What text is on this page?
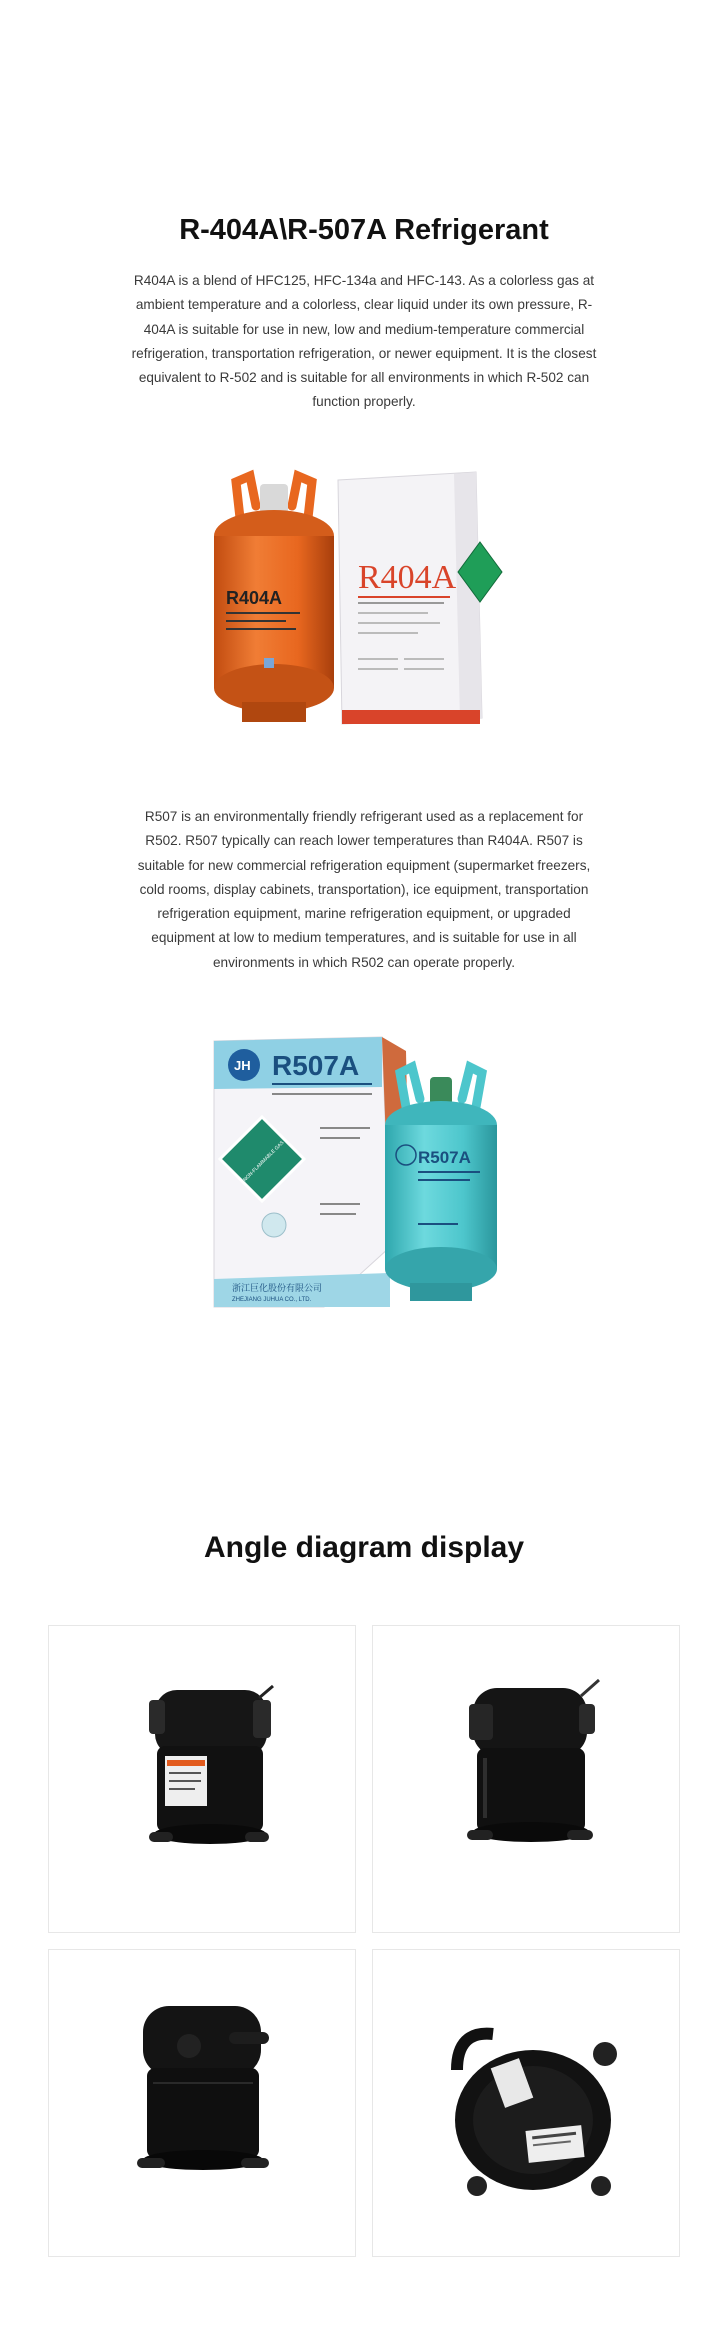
R-404A\R-507A Refrigerant

R404A is a blend of HFC125, HFC-134a and HFC-143. As a colorless gas at ambient temperature and a colorless, clear liquid under its own pressure, R-404A is suitable for use in new, low and medium-temperature commercial refrigeration, transportation refrigeration, or newer equipment. It is the closest equivalent to R-502 and is suitable for all environments in which R-502 can function properly.

R404A
R404A

R507 is an environmentally friendly refrigerant used as a replacement for R502. R507 typically can reach lower temperatures than R404A. R507 is suitable for new commercial refrigeration equipment (supermarket freezers, cold rooms, display cabinets, transportation), ice equipment, transportation refrigeration equipment, marine refrigeration equipment, or upgraded equipment at low to medium temperatures, and is suitable for use in all environments in which R502 can operate properly.

JH R507A
NON-FLAMMABLE GAS
浙江巨化股份有限公司
ZHEJIANG JUHUA CO., LTD.
R507A
Angle diagram display
